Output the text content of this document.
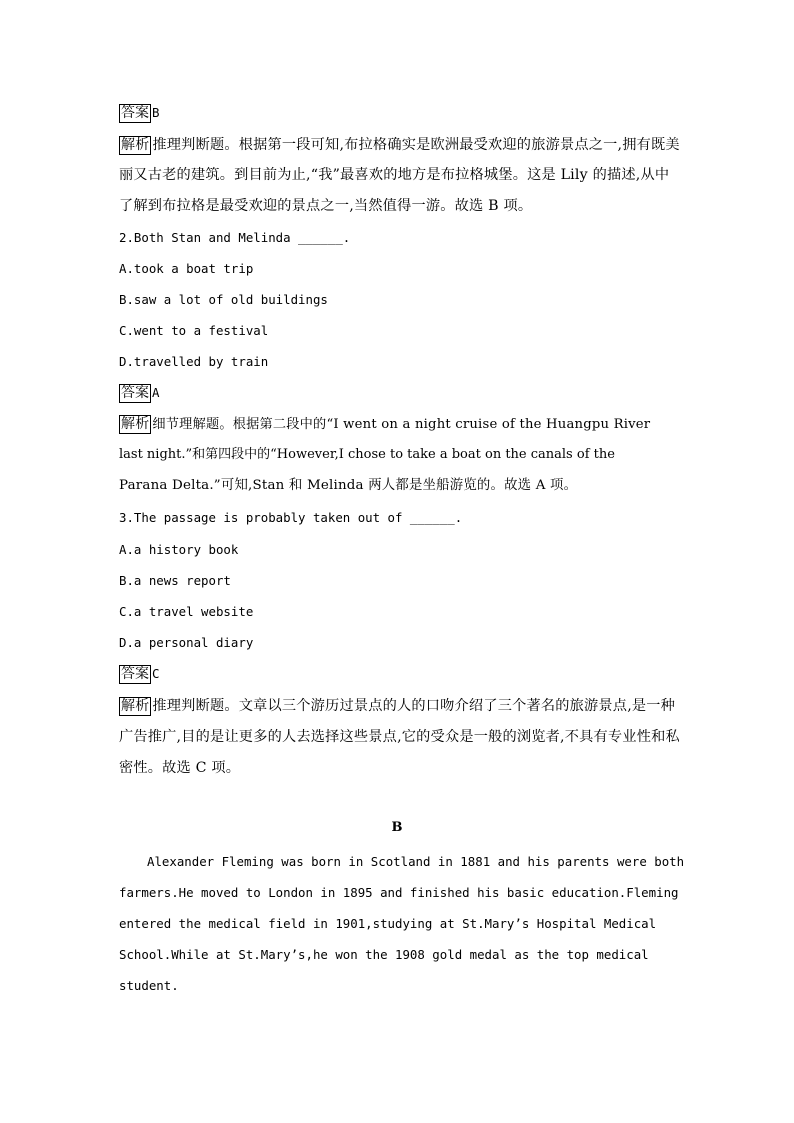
答案 B
解析 推理判断题。根据第一段可知,布拉格确实是欧洲最受欢迎的旅游景点之一,拥有既美
丽又古老的建筑。到目前为止,“我”最喜欢的地方是布拉格城堡。这是 Lily 的描述,从中
了解到布拉格是最受欢迎的景点之一,当然值得一游。故选 B 项。
2.Both Stan and Melinda ______.
A.took a boat trip
B.saw a lot of old buildings
C.went to a festival
D.travelled by train
答案 A
解析 细节理解题。根据第二段中的“I went on a night cruise of the Huangpu River
last night.”和第四段中的“However,I chose to take a boat on the canals of the
Parana Delta.”可知,Stan 和 Melinda 两人都是坐船游览的。故选 A 项。
3.The passage is probably taken out of ______.
A.a history book
B.a news report
C.a travel website
D.a personal diary
答案 C
解析 推理判断题。文章以三个游历过景点的人的口吻介绍了三个著名的旅游景点,是一种
广告推广,目的是让更多的人去选择这些景点,它的受众是一般的浏览者,不具有专业性和私
密性。故选 C 项。
B
Alexander Fleming was born in Scotland in 1881 and his parents were both
farmers.He moved to London in 1895 and finished his basic education.Fleming
entered the medical field in 1901,studying at St.Mary’s Hospital Medical
School.While at St.Mary’s,he won the 1908 gold medal as the top medical
student.
